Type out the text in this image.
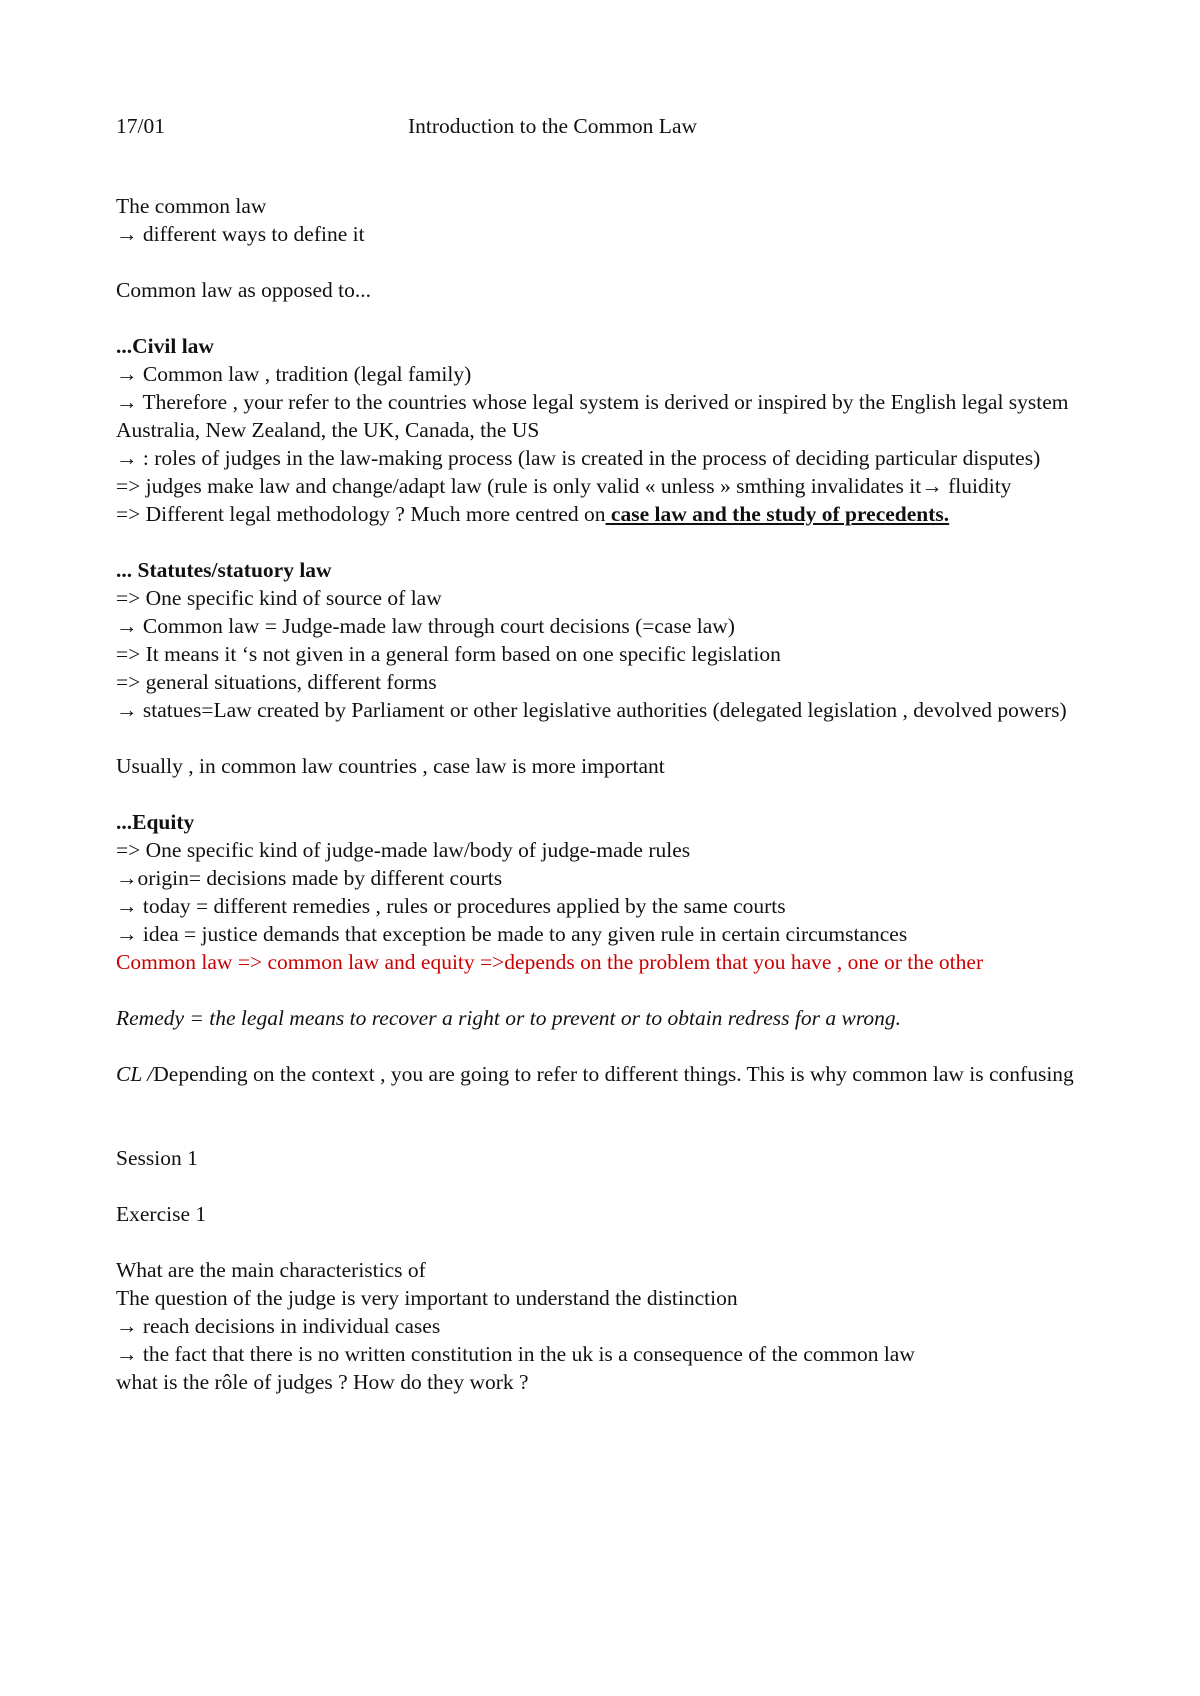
17/01	Introduction to the Common Law
The common law
→ different ways to define it
Common law as opposed to...
...Civil law
→ Common law , tradition (legal family)
→ Therefore , your refer to the countries whose legal system is derived or inspired by the English legal system
Australia, New Zealand, the UK, Canada, the US
→ : roles of judges in the law-making process (law is created in the process of deciding particular disputes)
=> judges make law and change/adapt law (rule is only valid « unless » smthing invalidates it→ fluidity
=> Different legal methodology ? Much more centred on case law and the study of precedents.
... Statutes/statuory law
=> One specific kind of source of law
→ Common law = Judge-made law through court decisions (=case law)
=> It means it ‘s not given in a general form based on one specific legislation
=> general situations, different forms
→ statues=Law created by Parliament or other legislative authorities (delegated legislation , devolved powers)
Usually , in common law countries , case law is more important
...Equity
=> One specific kind of judge-made law/body of judge-made rules
→origin= decisions made by different courts
→ today = different remedies , rules or procedures applied by the same courts
→ idea = justice demands that exception be made to any given rule in certain circumstances
Common law => common law and equity =>depends on the problem that you have , one or the other
Remedy = the legal means to recover a right or to prevent or to obtain redress for a wrong.
CL /Depending on the context , you are going to refer to different things. This is why common law is confusing
Session 1
Exercise 1
What are the main characteristics of
The question of the judge is very important to understand the distinction
→ reach decisions in individual cases
→ the fact that there is no written constitution in the uk is a consequence of the common law
what is the rôle of judges ? How do they work ?
